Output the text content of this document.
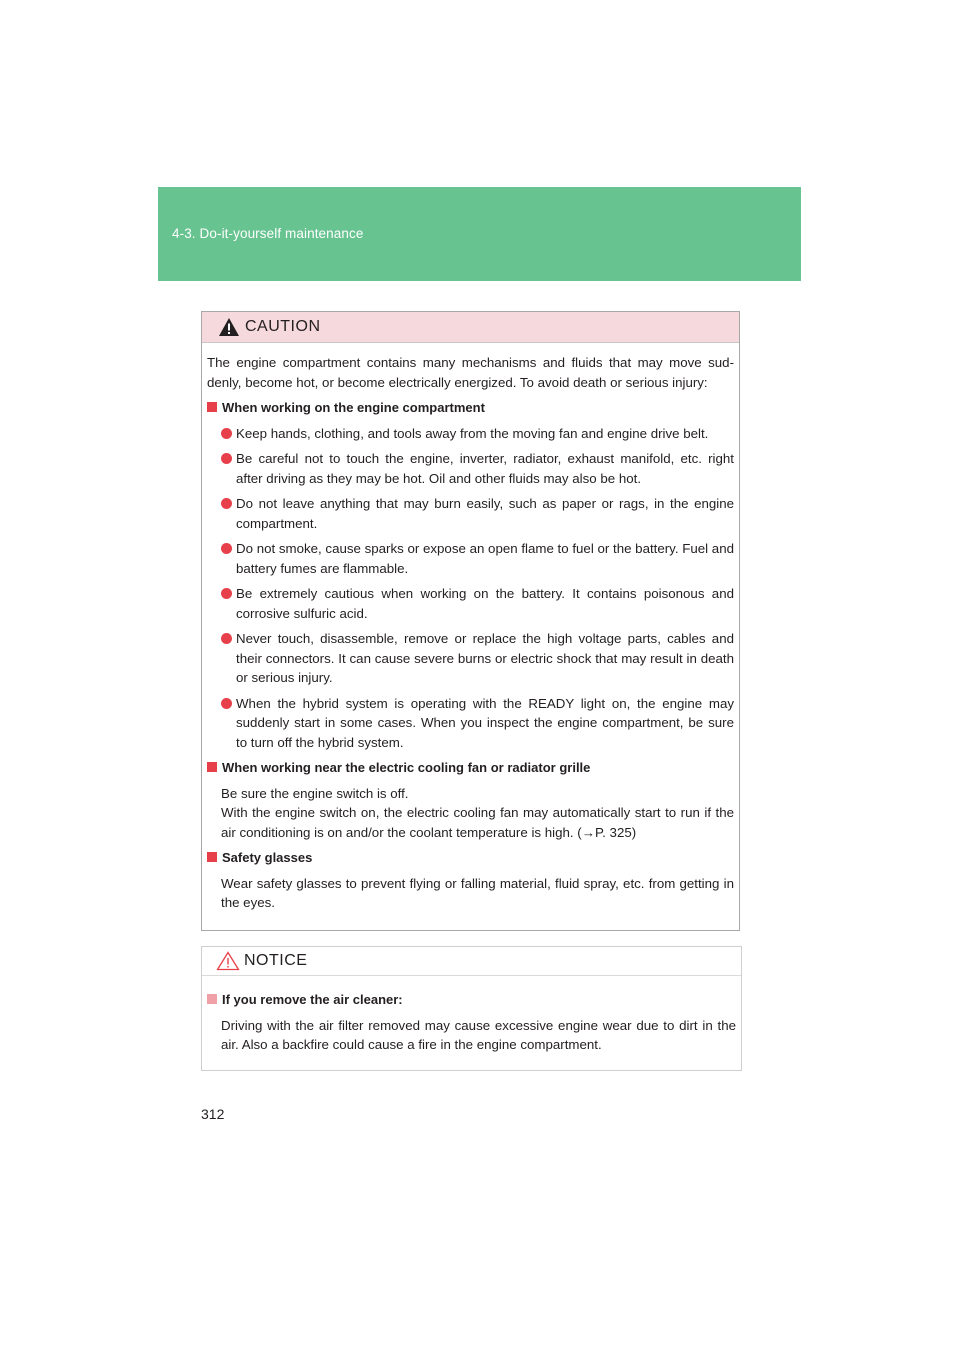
4-3. Do-it-yourself maintenance
CAUTION

The engine compartment contains many mechanisms and fluids that may move sud-denly, become hot, or become electrically energized. To avoid death or serious injury:

When working on the engine compartment
Keep hands, clothing, and tools away from the moving fan and engine drive belt.
Be careful not to touch the engine, inverter, radiator, exhaust manifold, etc. right after driving as they may be hot. Oil and other fluids may also be hot.
Do not leave anything that may burn easily, such as paper or rags, in the engine compartment.
Do not smoke, cause sparks or expose an open flame to fuel or the battery. Fuel and battery fumes are flammable.
Be extremely cautious when working on the battery. It contains poisonous and corrosive sulfuric acid.
Never touch, disassemble, remove or replace the high voltage parts, cables and their connectors. It can cause severe burns or electric shock that may result in death or serious injury.
When the hybrid system is operating with the READY light on, the engine may suddenly start in some cases. When you inspect the engine compartment, be sure to turn off the hybrid system.
When working near the electric cooling fan or radiator grille
Be sure the engine switch is off.
With the engine switch on, the electric cooling fan may automatically start to run if the air conditioning is on and/or the coolant temperature is high. (→P. 325)
Safety glasses
Wear safety glasses to prevent flying or falling material, fluid spray, etc. from getting in the eyes.
NOTICE
If you remove the air cleaner:
Driving with the air filter removed may cause excessive engine wear due to dirt in the air. Also a backfire could cause a fire in the engine compartment.
312
